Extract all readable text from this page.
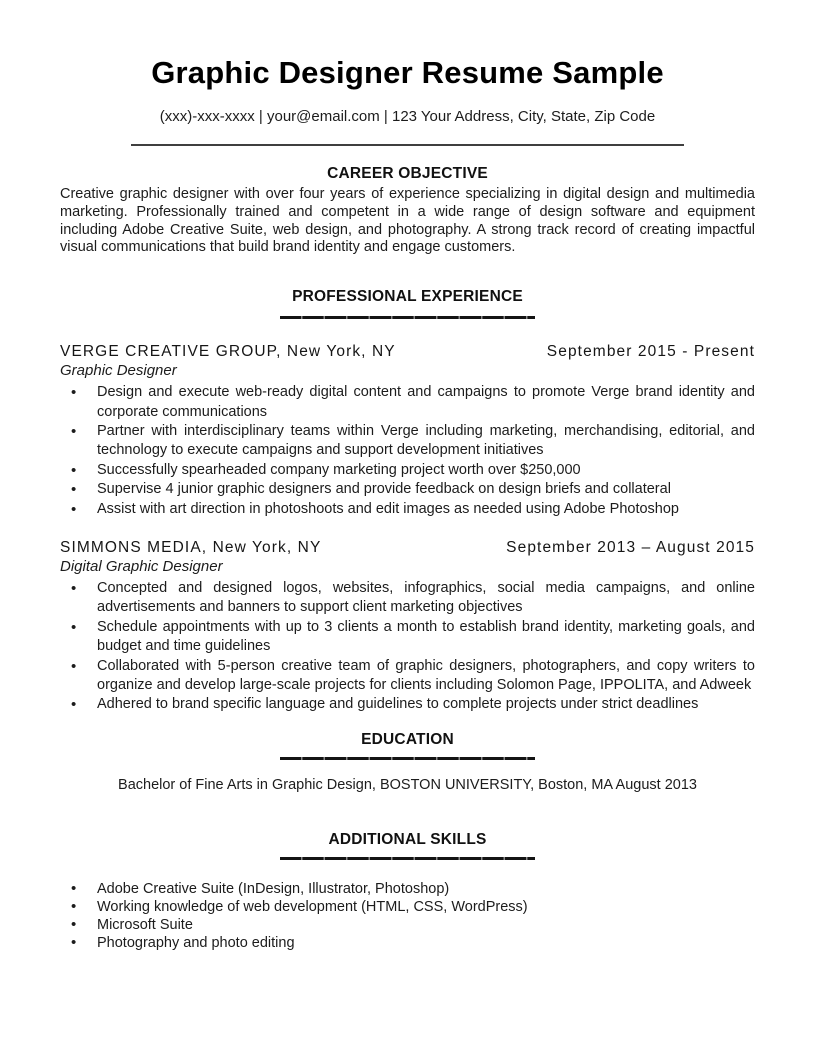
Graphic Designer Resume Sample
(xxx)-xxx-xxxx | your@email.com | 123 Your Address, City, State, Zip Code
CAREER OBJECTIVE
Creative graphic designer with over four years of experience specializing in digital design and multimedia marketing. Professionally trained and competent in a wide range of design software and equipment including Adobe Creative Suite, web design, and photography. A strong track record of creating impactful visual communications that build brand identity and engage customers.
PROFESSIONAL EXPERIENCE
VERGE CREATIVE GROUP, New York, NY	September 2015 - Present
Graphic Designer
• Design and execute web-ready digital content and campaigns to promote Verge brand identity and corporate communications
• Partner with interdisciplinary teams within Verge including marketing, merchandising, editorial, and technology to execute campaigns and support development initiatives
• Successfully spearheaded company marketing project worth over $250,000
• Supervise 4 junior graphic designers and provide feedback on design briefs and collateral
• Assist with art direction in photoshoots and edit images as needed using Adobe Photoshop
SIMMONS MEDIA, New York, NY	September 2013 – August 2015
Digital Graphic Designer
• Concepted and designed logos, websites, infographics, social media campaigns, and online advertisements and banners to support client marketing objectives
• Schedule appointments with up to 3 clients a month to establish brand identity, marketing goals, and budget and time guidelines
• Collaborated with 5-person creative team of graphic designers, photographers, and copy writers to organize and develop large-scale projects for clients including Solomon Page, IPPOLITA, and Adweek
• Adhered to brand specific language and guidelines to complete projects under strict deadlines
EDUCATION
Bachelor of Fine Arts in Graphic Design, BOSTON UNIVERSITY, Boston, MA August 2013
ADDITIONAL SKILLS
• Adobe Creative Suite (InDesign, Illustrator, Photoshop)
• Working knowledge of web development (HTML, CSS, WordPress)
• Microsoft Suite
• Photography and photo editing
